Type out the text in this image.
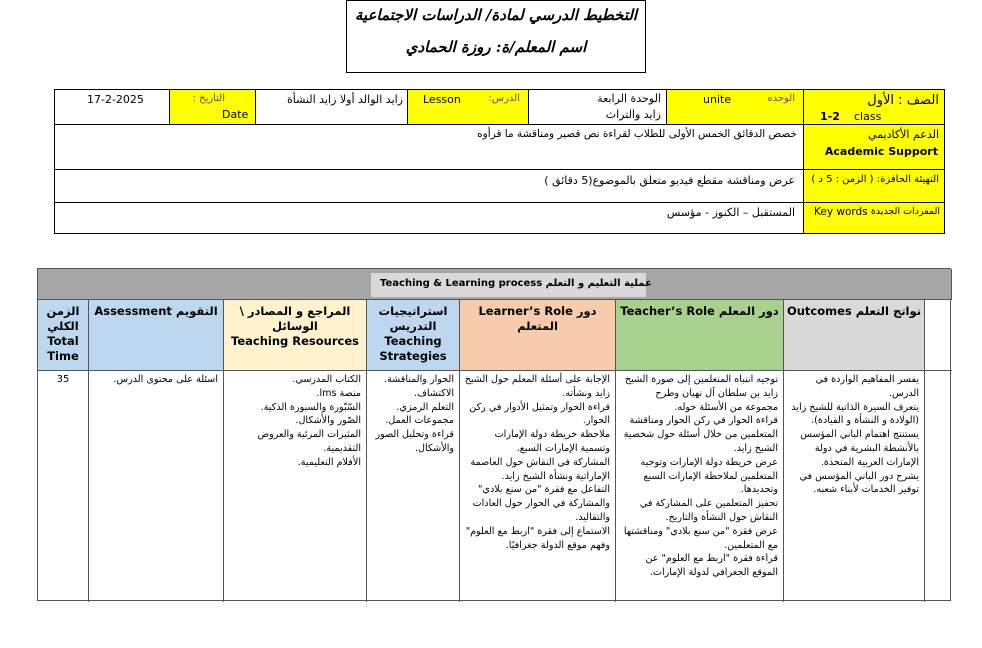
التخطيط الدرسي لمادة/ الدراسات الاجتماعية
اسم المعلم/ة: روزة الحمادي
الصف : الأول
class
1-2
الوحده
unite
الوحدة الرابعة
زايد والتراث
الدرس:
Lesson
زايد الوالد أولا زايد النشأة
التاريخ :
Date
17-2-2025
الدعم الأكاديمي
Academic Support
خصص الدقائق الخمس الأولى للطلاب لقراءة نص قصير ومناقشة ما قرأوه
التهيئة الحافزة: ( الزمن : 5 د )
عرض ومناقشة مقطع فيديو متعلق بالموضوع(5 دقائق )
المفردات الجديدة :
Key words
المستقبل – الكنوز - مؤسس
Teaching & Learning process عملية التعليم و التعلم
Outcomes نواتج التعلم
Teacher’s Role دور المعلم
Learner’s Role دور المتعلم
استراتيجيات التدريس
Teaching Strategies
المراجع و المصادر \ الوسائل
Teaching Resources
Assessment التقويم
الزمن الكلي
Total
Time
يفسر المفاهيم الواردة في الدرس.
يتعرف السيرة الذاتية للشيخ زايد (الولادة و النشأة و القيادة).
يستنتج اهتمام الباني المؤسس بالأنشطة البشرية في دولة الإمارات العربية المتحدة.
يشرح دور الباني المؤسس في توفير الخدمات لأبناء شعبه.
توجيه انتباه المتعلمين إلى صورة الشيخ زايد بن سلطان آل نهيان وطرح مجموعة من الأسئلة حوله.
قراءة الحوار في ركن الحوار ومناقشة المتعلمين من خلال أسئلة حول شخصية الشيخ زايد.
عرض خريطة دولة الإمارات وتوجيه المتعلمين لملاحظة الإمارات السبع وتحديدها.
تحفيز المتعلمين على المشاركة في النقاش حول النشأة والتاريخ.
عرض فقرة "من سنع بلادي" ومناقشتها مع المتعلمين.
قراءة فقرة "اربط مع العلوم" عن الموقع الجغرافي لدولة الإمارات.
الإجابة على أسئلة المعلم حول الشيخ زايد ونشأته.
قراءة الحوار وتمثيل الأدوار في ركن الحوار.
ملاحظة خريطة دولة الإمارات وتسمية الإمارات السبع.
المشاركة في النقاش حول العاصمة الإماراتية ونشأة الشيخ زايد.
التفاعل مع فقرة "من سنع بلادي" والمشاركة في الحوار حول العادات والتقاليد.
الاستماع إلى فقرة "اربط مع العلوم" وفهم موقع الدولة جغرافيًا.
الحوار والمناقشة.
الاكتشاف.
التعلم الرمزي.
مجموعات العمل.
قراءة وتحليل الصور والأشكال.
الكتاب المدرسي.
منصة lms.
السّبّورة والسبورة الذكية.
الصّور والأشكال.
المثيرات المرئية والعروض التقديمية.
الأفلام التعليمية.
اسئلة على محتوى الدرس.
35
